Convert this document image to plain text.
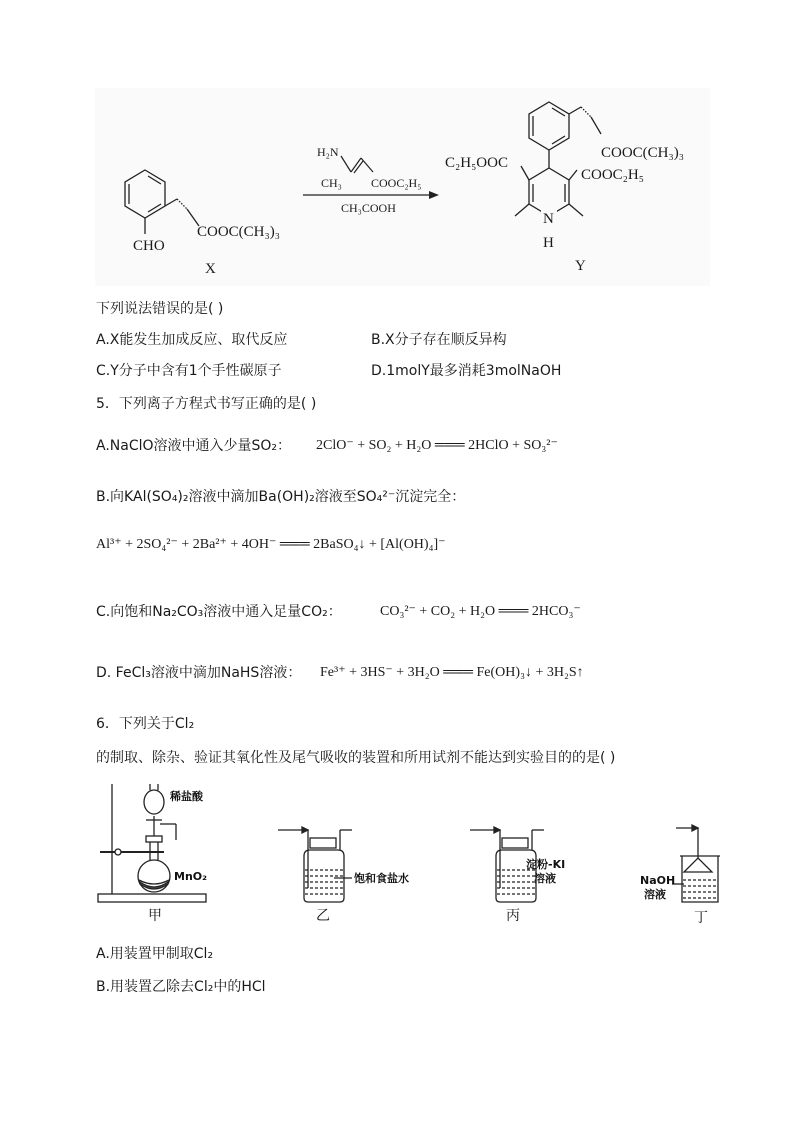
CHO
COOC(CH₃)₃
X
H₂N
CH₃ COOC₂H₅
CH₃COOH
COOC(CH₃)₃
C₂H₅OOC
COOC₂H₅
N
H
Y
下列说法错误的是( )
A.X能发生加成反应、取代反应	B.X分子存在顺反异构
C.Y分子中含有1个手性碳原子	D.1molY最多消耗3molNaOH
5．下列离子方程式书写正确的是( )
A.NaClO溶液中通入少量SO₂： 2ClO⁻ + SO₂ + H₂O ═══ 2HClO + SO₃²⁻
B.向KAl(SO₄)₂溶液中滴加Ba(OH)₂溶液至SO₄²⁻沉淀完全：
Al³⁺ + 2SO₄²⁻ + 2Ba²⁺ + 4OH⁻ ═══ 2BaSO₄↓ + [Al(OH)₄]⁻
C.向饱和Na₂CO₃溶液中通入足量CO₂：	CO₃²⁻ + CO₂ + H₂O ═══ 2HCO₃⁻
D. FeCl₃溶液中滴加NaHS溶液： Fe³⁺ + 3HS⁻ + 3H₂O ═══ Fe(OH)₃↓ + 3H₂S↑
6．下列关于Cl₂
的制取、除杂、验证其氧化性及尾气吸收的装置和所用试剂不能达到实验目的的是( )
稀盐酸
MnO₂
甲
饱和食盐水
乙
淀粉-KI
溶液
丙
NaOH
溶液
丁
A.用装置甲制取Cl₂
B.用装置乙除去Cl₂中的HCl
